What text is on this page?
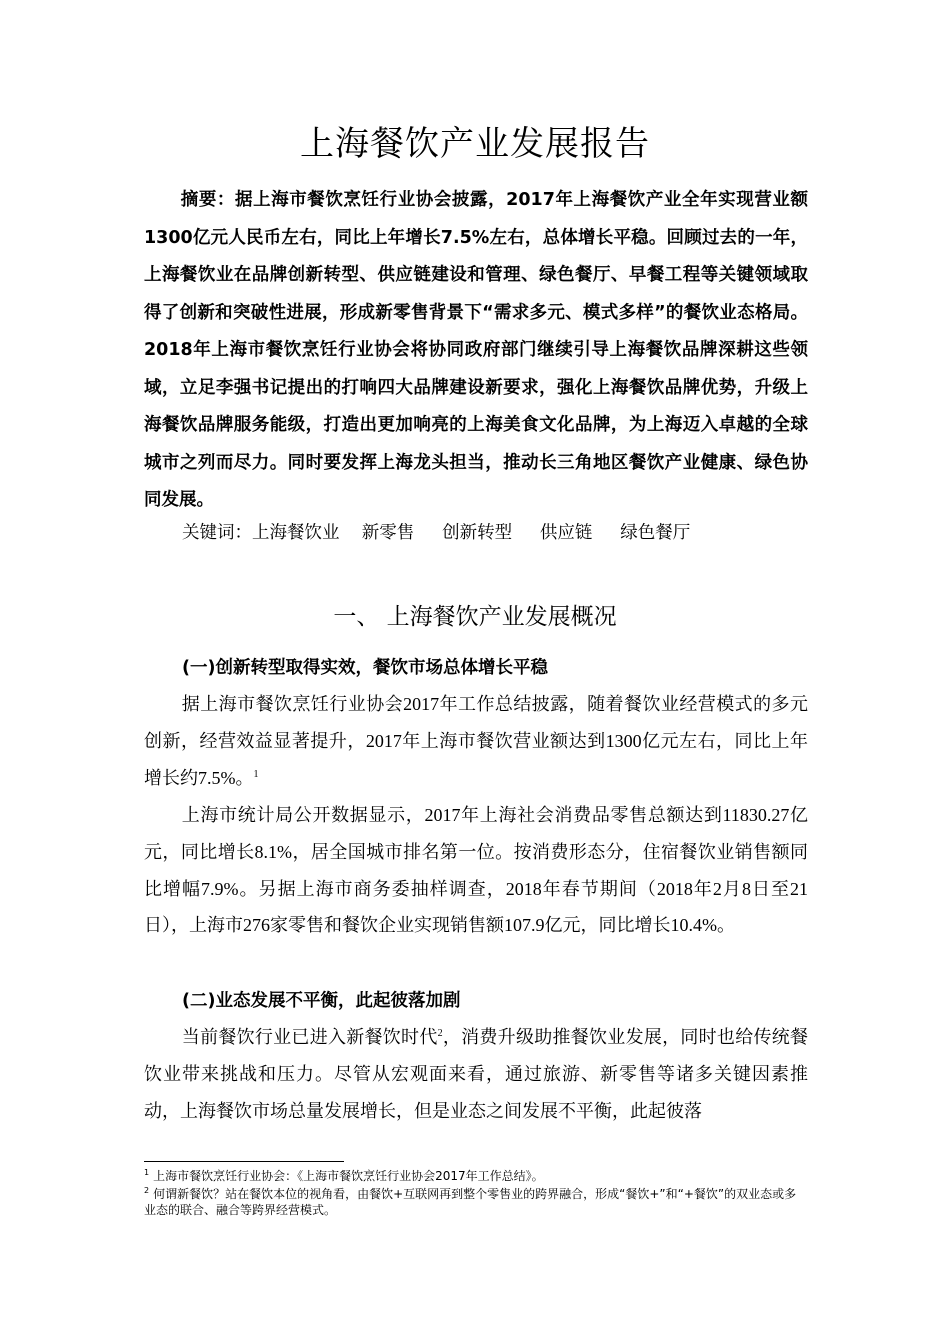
上海餐饮产业发展报告

摘要：据上海市餐饮烹饪行业协会披露，2017年上海餐饮产业全年实现营业额1300亿元人民币左右，同比上年增长7.5%左右，总体增长平稳。回顾过去的一年，上海餐饮业在品牌创新转型、供应链建设和管理、绿色餐厅、早餐工程等关键领域取得了创新和突破性进展，形成新零售背景下“需求多元、模式多样”的餐饮业态格局。2018年上海市餐饮烹饪行业协会将协同政府部门继续引导上海餐饮品牌深耕这些领域，立足李强书记提出的打响四大品牌建设新要求，强化上海餐饮品牌优势，升级上海餐饮品牌服务能级，打造出更加响亮的上海美食文化品牌，为上海迈入卓越的全球城市之列而尽力。同时要发挥上海龙头担当，推动长三角地区餐饮产业健康、绿色协同发展。

关键词：上海餐饮业    新零售     创新转型     供应链     绿色餐厅

一、 上海餐饮产业发展概况
(一)创新转型取得实效，餐饮市场总体增长平稳

据上海市餐饮烹饪行业协会2017年工作总结披露，随着餐饮业经营模式的多元创新，经营效益显著提升，2017年上海市餐饮营业额达到1300亿元左右，同比上年增长约7.5%。$^1$

上海市统计局公开数据显示，2017年上海社会消费品零售总额达到11830.27亿元，同比增长8.1%，居全国城市排名第一位。按消费形态分，住宿餐饮业销售额同比增幅7.9%。另据上海市商务委抽样调查，2018年春节期间（2018年2月8日至21日），上海市276家零售和餐饮企业实现销售额107.9亿元，同比增长10.4%。

(二)业态发展不平衡，此起彼落加剧

当前餐饮行业已进入新餐饮时代$^2$，消费升级助推餐饮业发展，同时也给传统餐饮业带来挑战和压力。尽管从宏观面来看，通过旅游、新零售等诸多关键因素推动，上海餐饮市场总量发展增长，但是业态之间发展不平衡，此起彼落

$^1$ 上海市餐饮烹饪行业协会：《上海市餐饮烹饪行业协会2017年工作总结》。

$^2$ 何谓新餐饮？站在餐饮本位的视角看，由餐饮+互联网再到整个零售业的跨界融合，形成“餐饮+”和“+餐饮”的双业态或多业态的联合、融合等跨界经营模式。
